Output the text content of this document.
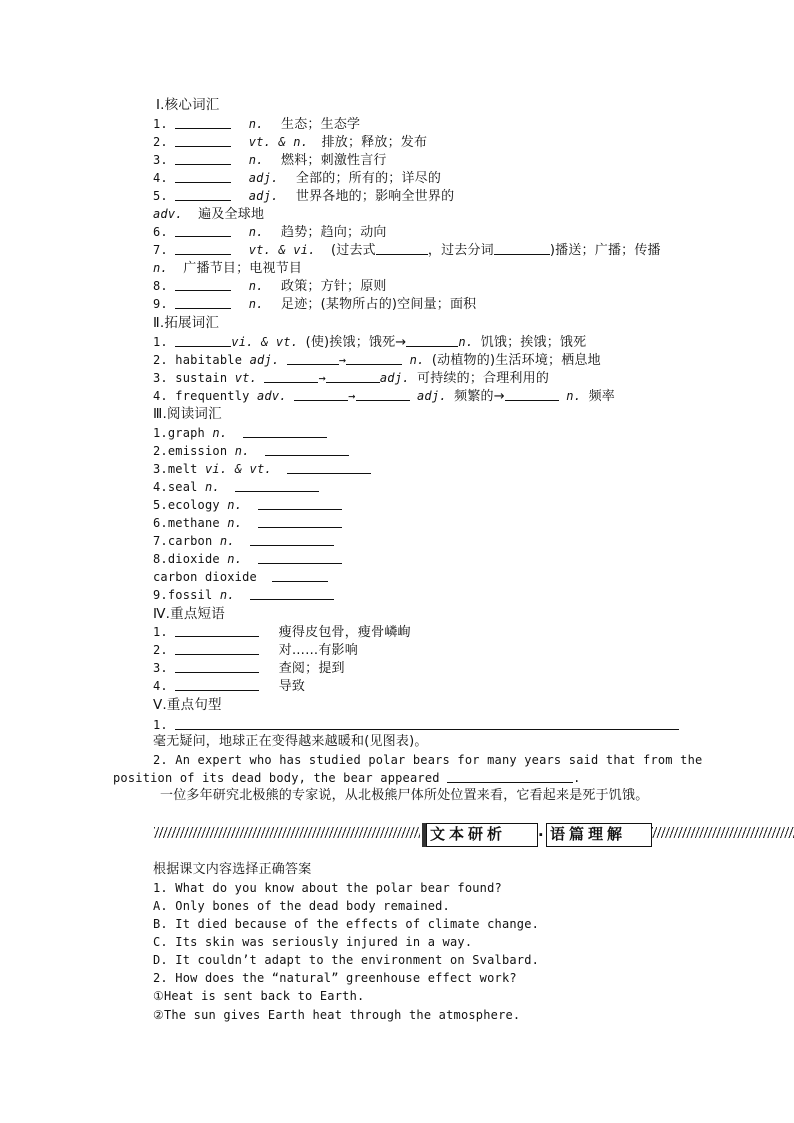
Ⅰ.核心词汇
1.	n. 生态；生态学
2.	vt. & n. 排放；释放；发布
3.	n. 燃料；刺激性言行
4.	adj. 全部的；所有的；详尽的
5.	adj. 世界各地的；影响全世界的
adv. 遍及全球地
6.	n. 趋势；趋向；动向
7.	vt. & vi. (过去式	，过去分词	)播送；广播；传播
n. 广播节目；电视节目
8.	n. 政策；方针；原则
9.	n. 足迹；(某物所占的)空间量；面积
Ⅱ.拓展词汇
1.	vi. & vt. (使)挨饿；饿死→	n. 饥饿；挨饿；饿死
2. habitable adj.	→	n. (动植物的)生活环境；栖息地
3. sustain vt.	→	adj. 可持续的；合理利用的
4. frequently adv.	→	adj. 频繁的→	n. 频率
Ⅲ.阅读词汇
1.graph n.
2.emission n.
3.melt vi. & vt.
4.seal n.
5.ecology n.
6.methane n.
7.carbon n.
8.dioxide n.
carbon dioxide
9.fossil n.
Ⅳ.重点短语
1.	瘦得皮包骨，瘦骨嶙峋
2.	对……有影响
3.	查阅；提到
4.	导致
Ⅴ.重点句型
1.
毫无疑问，地球正在变得越来越暖和(见图表)。
2. An expert who has studied polar bears for many years said that from the
position of its dead body, the bear appeared	.
一位多年研究北极熊的专家说，从北极熊尸体所处位置来看，它看起来是死于饥饿。
文本研析	· 语篇理解
根据课文内容选择正确答案
1. What do you know about the polar bear found?
A. Only bones of the dead body remained.
B. It died because of the effects of climate change.
C. Its skin was seriously injured in a way.
D. It couldn’t adapt to the environment on Svalbard.
2. How does the “natural” greenhouse effect work?
①Heat is sent back to Earth.
②The sun gives Earth heat through the atmosphere.
